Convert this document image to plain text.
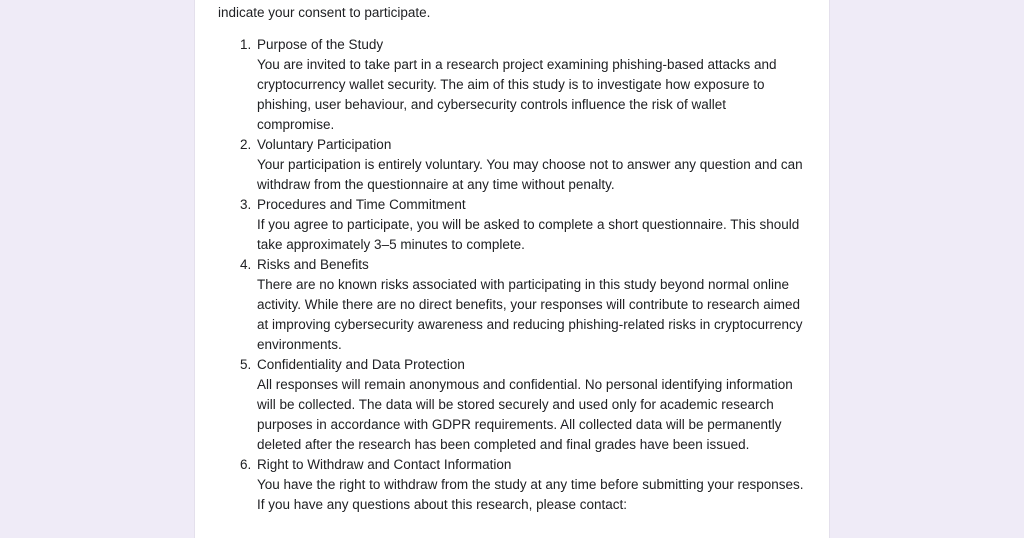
indicate your consent to participate.

1. Purpose of the Study
You are invited to take part in a research project examining phishing-based attacks and cryptocurrency wallet security. The aim of this study is to investigate how exposure to phishing, user behaviour, and cybersecurity controls influence the risk of wallet compromise.
2. Voluntary Participation
Your participation is entirely voluntary. You may choose not to answer any question and can withdraw from the questionnaire at any time without penalty.
3. Procedures and Time Commitment
If you agree to participate, you will be asked to complete a short questionnaire. This should take approximately 3–5 minutes to complete.
4. Risks and Benefits
There are no known risks associated with participating in this study beyond normal online activity. While there are no direct benefits, your responses will contribute to research aimed at improving cybersecurity awareness and reducing phishing-related risks in cryptocurrency environments.
5. Confidentiality and Data Protection
All responses will remain anonymous and confidential. No personal identifying information will be collected. The data will be stored securely and used only for academic research purposes in accordance with GDPR requirements. All collected data will be permanently deleted after the research has been completed and final grades have been issued.
6. Right to Withdraw and Contact Information
You have the right to withdraw from the study at any time before submitting your responses. If you have any questions about this research, please contact:
